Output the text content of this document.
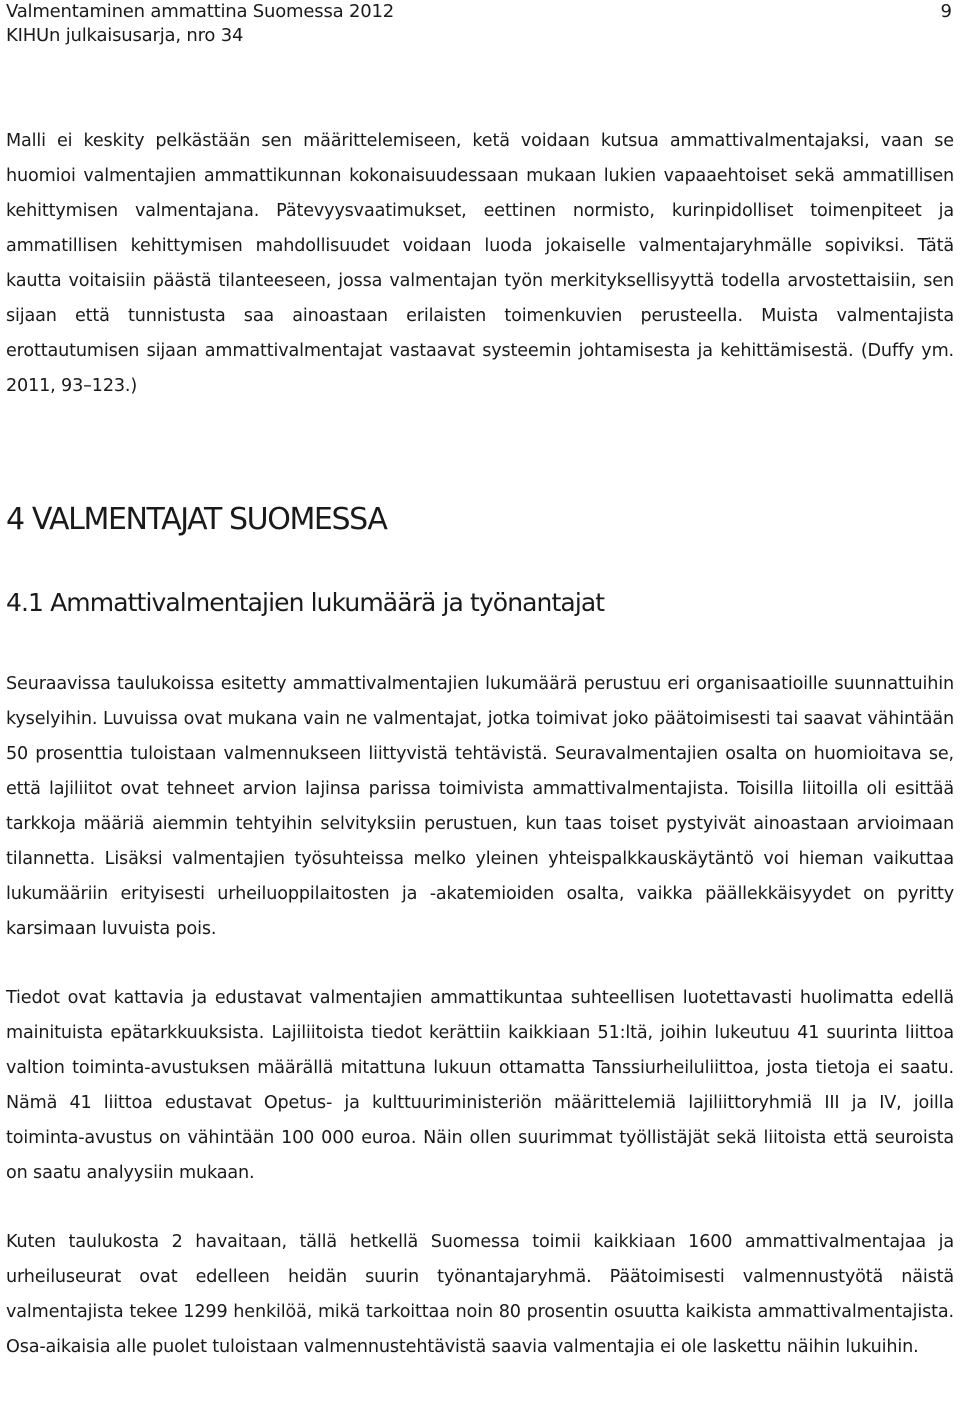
Valmentaminen ammattina Suomessa 2012
KIHUn julkaisusarja, nro 34
9

Malli ei keskity pelkästään sen määrittelemiseen, ketä voidaan kutsua ammattivalmentajaksi, vaan se huomioi valmentajien ammattikunnan kokonaisuudessaan mukaan lukien vapaaehtoiset sekä ammatillisen kehittymisen valmentajana. Pätevyysvaatimukset, eettinen normisto, kurinpidolliset toimenpiteet ja ammatillisen kehittymisen mahdollisuudet voidaan luoda jokaiselle valmentajaryhmälle sopiviksi. Tätä kautta voitaisiin päästä tilanteeseen, jossa valmentajan työn merkityksellisyyttä todella arvostettaisiin, sen sijaan että tunnistusta saa ainoastaan erilaisten toimenkuvien perusteella. Muista valmentajista erottautumisen sijaan ammattivalmentajat vastaavat systeemin johtamisesta ja kehittämisestä. (Duffy ym. 2011, 93–123.)

4 VALMENTAJAT SUOMESSA
4.1 Ammattivalmentajien lukumäärä ja työnantajat

Seuraavissa taulukoissa esitetty ammattivalmentajien lukumäärä perustuu eri organisaatioille suunnattuihin kyselyihin. Luvuissa ovat mukana vain ne valmentajat, jotka toimivat joko päätoimisesti tai saavat vähintään 50 prosenttia tuloistaan valmennukseen liittyvistä tehtävistä. Seuravalmentajien osalta on huomioitava se, että lajiliitot ovat tehneet arvion lajinsa parissa toimivista ammattivalmentajista. Toisilla liitoilla oli esittää tarkkoja määriä aiemmin tehtyihin selvityksiin perustuen, kun taas toiset pystyivät ainoastaan arvioimaan tilannetta. Lisäksi valmentajien työsuhteissa melko yleinen yhteispalkkauskäytäntö voi hieman vaikuttaa lukumääriin erityisesti urheiluoppilaitosten ja -akatemioiden osalta, vaikka päällekkäisyydet on pyritty karsimaan luvuista pois.

Tiedot ovat kattavia ja edustavat valmentajien ammattikuntaa suhteellisen luotettavasti huolimatta edellä mainituista epätarkkuuksista. Lajiliitoista tiedot kerättiin kaikkiaan 51:ltä, joihin lukeutuu 41 suurinta liittoa valtion toiminta-avustuksen määrällä mitattuna lukuun ottamatta Tanssiurheiluliittoa, josta tietoja ei saatu. Nämä 41 liittoa edustavat Opetus- ja kulttuuriministeriön määrittelemiä lajiliittoryhmiä III ja IV, joilla toiminta-avustus on vähintään 100 000 euroa. Näin ollen suurimmat työllistäjät sekä liitoista että seuroista on saatu analyysiin mukaan.

Kuten taulukosta 2 havaitaan, tällä hetkellä Suomessa toimii kaikkiaan 1600 ammattivalmentajaa ja urheiluseurat ovat edelleen heidän suurin työnantajaryhmä. Päätoimisesti valmennustyötä näistä valmentajista tekee 1299 henkilöä, mikä tarkoittaa noin 80 prosentin osuutta kaikista ammattivalmentajista. Osa-aikaisia alle puolet tuloistaan valmennustehtävistä saavia valmentajia ei ole laskettu näihin lukuihin.
